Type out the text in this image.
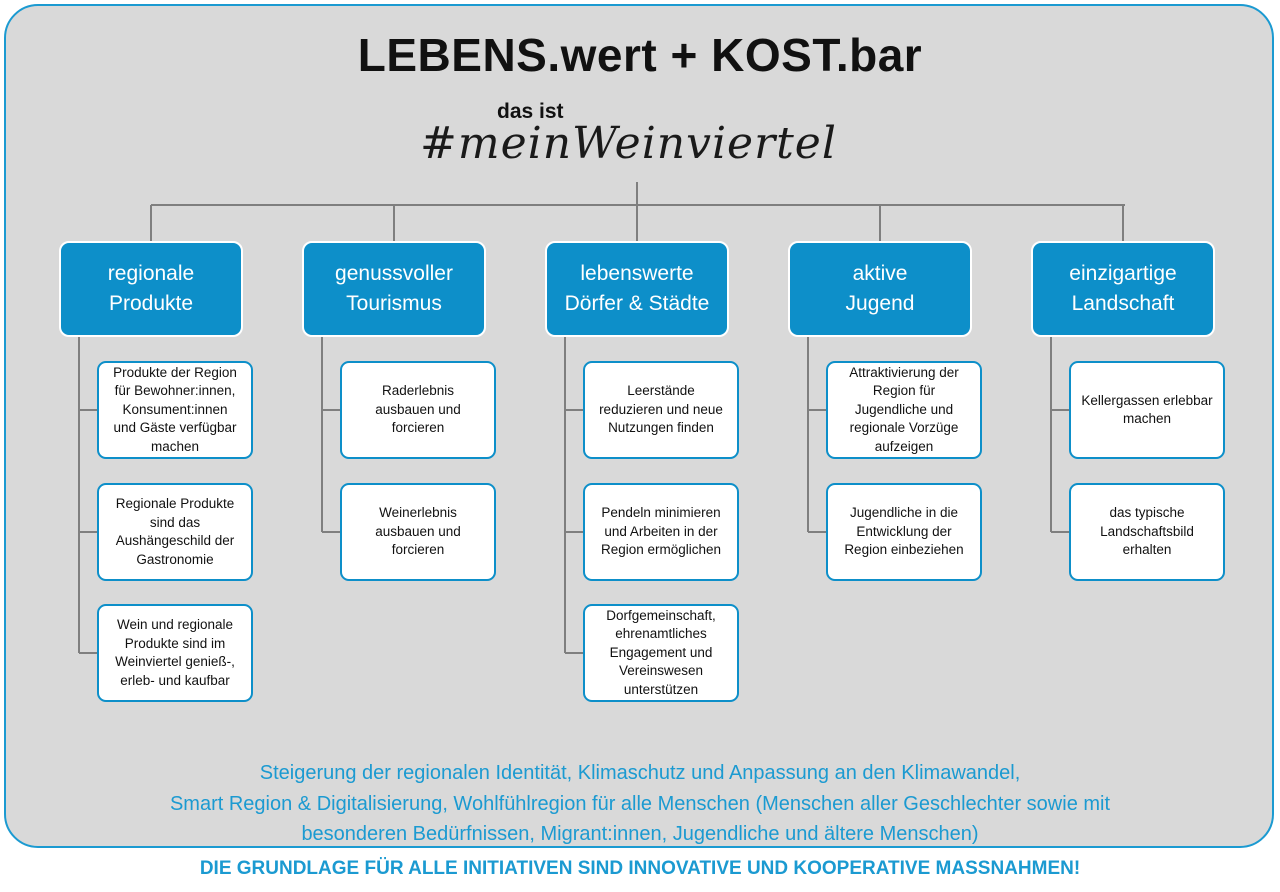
LEBENS.wert + KOST.bar
das ist
#meinWeinviertel
regionale
Produkte
Produkte der Region
für Bewohner:innen,
Konsument:innen
und Gäste verfügbar
machen
Regionale Produkte
sind das
Aushängeschild der
Gastronomie
Wein und regionale
Produkte sind im
Weinviertel genieß-,
erleb- und kaufbar
genussvoller
Tourismus
Raderlebnis
ausbauen und
forcieren
Weinerlebnis
ausbauen und
forcieren
lebenswerte
Dörfer & Städte
Leerstände
reduzieren und neue
Nutzungen finden
Pendeln minimieren
und Arbeiten in der
Region ermöglichen
Dorfgemeinschaft,
ehrenamtliches
Engagement und
Vereinswesen
unterstützen
aktive
Jugend
Attraktivierung der
Region für
Jugendliche und
regionale Vorzüge
aufzeigen
Jugendliche in die
Entwicklung der
Region einbeziehen
einzigartige
Landschaft
Kellergassen erlebbar
machen
das typische
Landschaftsbild
erhalten
Steigerung der regionalen Identität, Klimaschutz und Anpassung an den Klimawandel,
Smart Region & Digitalisierung, Wohlfühlregion für alle Menschen (Menschen aller Geschlechter sowie mit
besonderen Bedürfnissen, Migrant:innen, Jugendliche und ältere Menschen)
DIE GRUNDLAGE FÜR ALLE INITIATIVEN SIND INNOVATIVE UND KOOPERATIVE MASSNAHMEN!
